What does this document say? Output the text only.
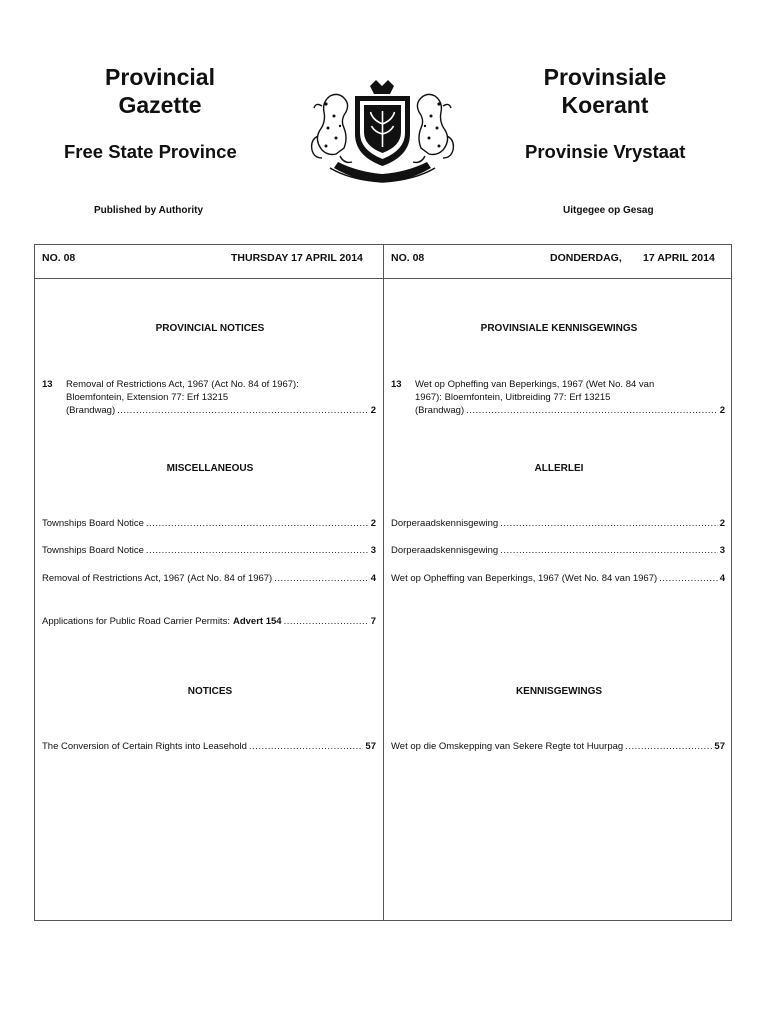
Provincial
Gazette
Free State Province
Published by Authority
Provinsiale
Koerant
Provinsie Vrystaat
Uitgegee op Gesag
NO. 08	THURSDAY 17 APRIL 2014	NO. 08	DONDERDAG, 17 APRIL 2014
PROVINCIAL NOTICES
13 Removal of Restrictions Act, 1967 (Act No. 84 of 1967):
Bloemfontein, Extension 77: Erf 13215
(Brandwag) .....	2
MISCELLANEOUS
Townships Board Notice .....	2
Townships Board Notice .....	3
Removal of Restrictions Act, 1967 (Act No. 84 of 1967) .....	4
Applications for Public Road Carrier Permits: Advert 154 .....	7
NOTICES
The Conversion of Certain Rights into Leasehold .....	57
PROVINSIALE KENNISGEWINGS
13 Wet op Opheffing van Beperkings, 1967 (Wet No. 84 van
1967): Bloemfontein, Uitbreiding 77: Erf 13215
(Brandwag) .....	2
ALLERLEI
Dorperaadskennisgewing .....	2
Dorperaadskennisgewing .....	3
Wet op Opheffing van Beperkings, 1967 (Wet No. 84 van 1967) .....	4
KENNISGEWINGS
Wet op die Omskepping van Sekere Regte tot Huurpag .....	57
